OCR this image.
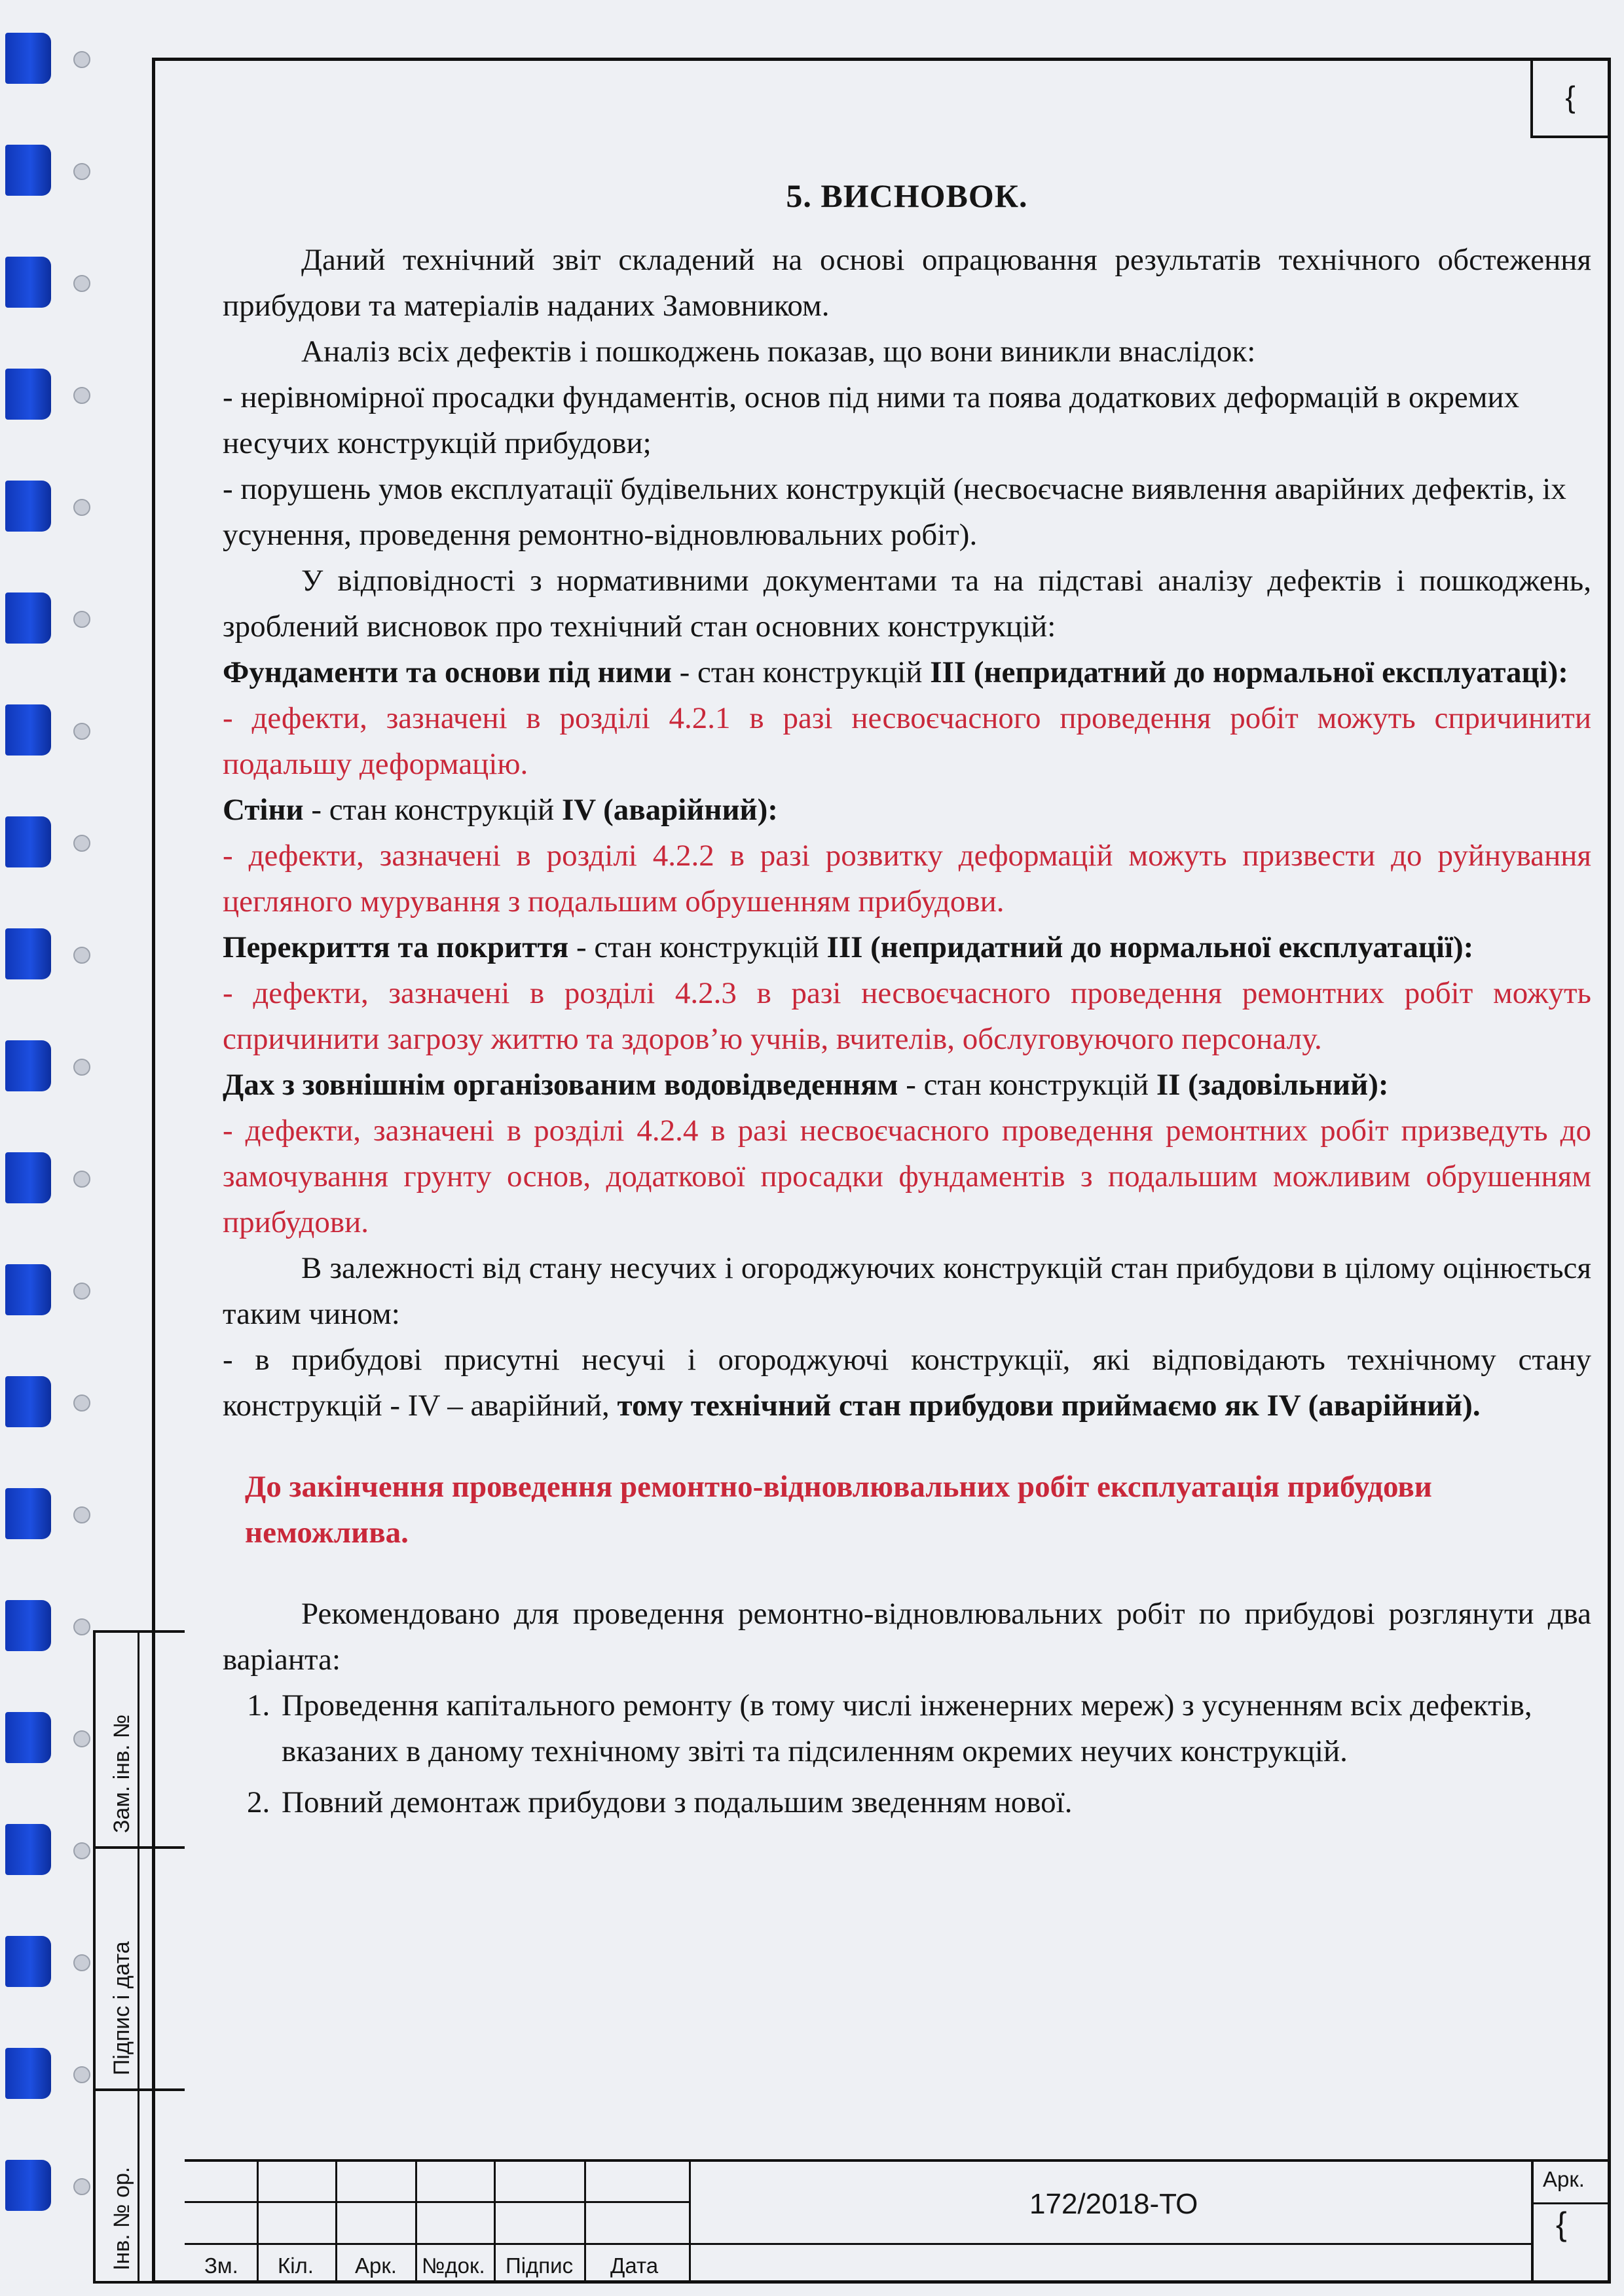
{
Зам. інв. №
Підпис і дата
Інв. № ор.
5. ВИСНОВОК.

Даний технічний звіт складений на основі опрацювання результатів технічного обстеження прибудови та матеріалів наданих Замовником.

Аналіз всіх дефектів і пошкоджень показав, що вони виникли внаслідок:

- нерівномірної просадки фундаментів, основ під ними та поява додаткових деформацій в окремих несучих конструкцій прибудови;

- порушень умов експлуатації будівельних конструкцій (несвоєчасне виявлення аварійних дефектів, іх усунення, проведення ремонтно-відновлювальних робіт).

У відповідності з нормативними документами та на підставі аналізу дефектів і пошкоджень, зроблений висновок про технічний стан основних конструкцій:

Фундаменти та основи під ними - стан конструкцій III (непридатний до нормальної експлуатаці):

- дефекти, зазначені в розділі 4.2.1 в разі несвоєчасного проведення робіт можуть спричинити подальшу деформацію.

Стіни - стан конструкцій IV (аварійний):

- дефекти, зазначені в розділі 4.2.2 в разі розвитку деформацій можуть призвести до руйнування цегляного мурування з подальшим обрушенням прибудови.

Перекриття та покриття - стан конструкцій III (непридатний до нормальної експлуатації):

- дефекти, зазначені в розділі 4.2.3 в разі несвоєчасного проведення ремонтних робіт можуть спричинити загрозу життю та здоров’ю учнів, вчителів, обслуговуючого персоналу.

Дах з зовнішнім організованим водовідведенням - стан конструкцій II (задовільний):

- дефекти, зазначені в розділі 4.2.4 в разі несвоєчасного проведення ремонтних робіт призведуть до замочування грунту основ, додаткової просадки фундаментів з подальшим можливим обрушенням прибудови.

В залежності від стану несучих і огороджуючих конструкцій стан прибудови в цілому оцінюється таким чином:

- в прибудові присутні несучі і огороджуючі конструкції, які відповідають технічному стану конструкцій - IV – аварійний, тому технічний стан прибудови приймаємо як IV (аварійний).

До закінчення проведення ремонтно-відновлювальних робіт експлуатація прибудови неможлива.

Рекомендовано для проведення ремонтно-відновлювальних робіт по прибудові розглянути два варіанта:

1. Проведення капітального ремонту (в тому числі інженерних мереж) з усуненням всіх дефектів, вказаних в даному технічному звіті та підсиленням окремих неучих конструкцій.
2. Повний демонтаж прибудови з подальшим зведенням нової.
Зм. Кіл. Арк. №док. Підпис Дата
172/2018-ТО
Арк.
{
